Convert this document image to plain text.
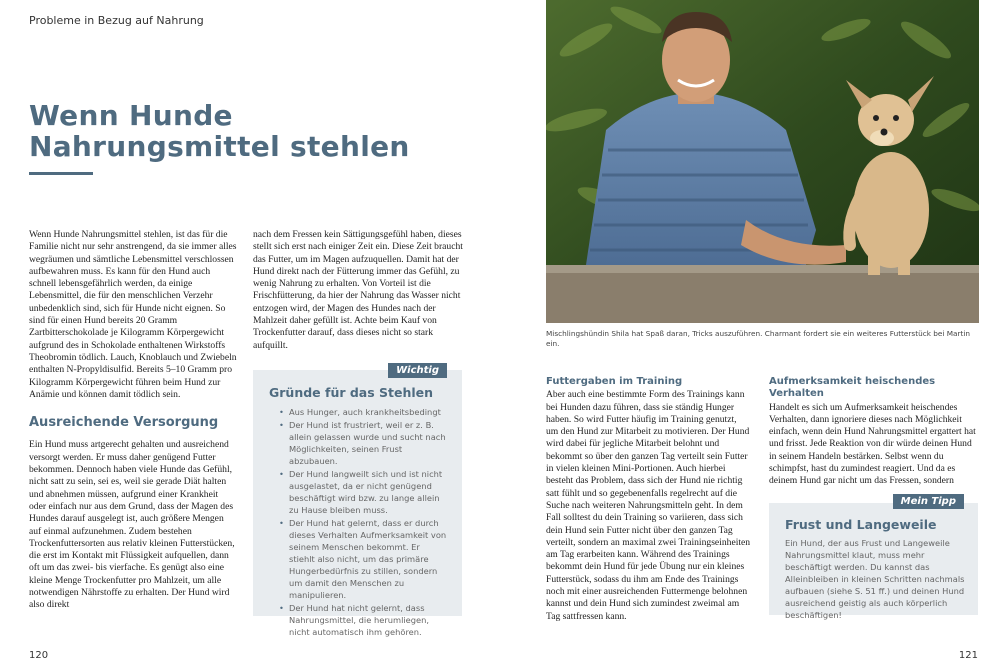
Probleme in Bezug auf Nahrung
Wenn Hunde
Nahrungsmittel stehlen

Wenn Hunde Nahrungsmittel stehlen, ist das für die Familie nicht nur sehr anstrengend, da sie immer alles wegräumen und sämtliche Lebensmittel verschlossen aufbewahren muss. Es kann für den Hund auch schnell lebensgefährlich werden, da einige Lebensmittel, die für den menschlichen Verzehr unbedenklich sind, sich für Hunde nicht eignen. So sind für einen Hund bereits 20 Gramm Zartbitterschokolade je Kilogramm Körpergewicht aufgrund des in Schokolade enthaltenen Wirkstoffs Theobromin tödlich. Lauch, Knoblauch und Zwiebeln enthalten N-Propyldisulfid. Bereits 5–10 Gramm pro Kilogramm Körpergewicht führen beim Hund zur Anämie und können damit tödlich sein.

Ausreichende Versorgung

Ein Hund muss artgerecht gehalten und ausreichend versorgt werden. Er muss daher genügend Futter bekommen. Dennoch haben viele Hunde das Gefühl, nicht satt zu sein, sei es, weil sie gerade Diät halten und abnehmen müssen, aufgrund einer Krankheit oder einfach nur aus dem Grund, dass der Magen des Hundes darauf ausgelegt ist, auch größere Mengen auf einmal aufzunehmen. Zudem bestehen Trockenfuttersorten aus relativ kleinen Futterstücken, die erst im Kontakt mit Flüssigkeit aufquellen, dann oft um das zwei- bis vierfache. Es genügt also eine kleine Menge Trockenfutter pro Mahlzeit, um alle notwendigen Nährstoffe zu erhalten. Der Hund wird also direkt

nach dem Fressen kein Sättigungsgefühl haben, dieses stellt sich erst nach einiger Zeit ein. Diese Zeit braucht das Futter, um im Magen aufzuquellen. Damit hat der Hund direkt nach der Fütterung immer das Gefühl, zu wenig Nahrung zu erhalten. Von Vorteil ist die Frischfütterung, da hier der Nahrung das Wasser nicht entzogen wird, der Magen des Hundes nach der Mahlzeit daher gefüllt ist. Achte beim Kauf von Trockenfutter darauf, dass dieses nicht so stark aufquillt.

Wichtig
Gründe für das Stehlen
• Aus Hunger, auch krankheitsbedingt
• Der Hund ist frustriert, weil er z. B. allein gelassen wurde und sucht nach Möglichkeiten, seinen Frust abzubauen.
• Der Hund langweilt sich und ist nicht ausgelastet, da er nicht genügend beschäftigt wird bzw. zu lange allein zu Hause bleiben muss.
• Der Hund hat gelernt, dass er durch dieses Verhalten Aufmerksamkeit von seinem Menschen bekommt. Er stiehlt also nicht, um das primäre Hungerbedürfnis zu stillen, sondern um damit den Menschen zu manipulieren.
• Der Hund hat nicht gelernt, dass Nahrungsmittel, die herumliegen, nicht automatisch ihm gehören.
120

Mischlingshündin Shila hat Spaß daran, Tricks auszuführen. Charmant fordert sie ein weiteres Futterstück bei Martin ein.

Futtergaben im Training

Aber auch eine bestimmte Form des Trainings kann bei Hunden dazu führen, dass sie ständig Hunger haben. So wird Futter häufig im Training genutzt, um den Hund zur Mitarbeit zu motivieren. Der Hund wird dabei für jegliche Mitarbeit belohnt und bekommt so über den ganzen Tag verteilt sein Futter in vielen kleinen Mini-Portionen. Auch hierbei besteht das Problem, dass sich der Hund nie richtig satt fühlt und so gegebenenfalls regelrecht auf die Suche nach weiteren Nahrungsmitteln geht. In dem Fall solltest du dein Training so variieren, dass sich dein Hund sein Futter nicht über den ganzen Tag verteilt, sondern an maximal zwei Trainingseinheiten am Tag erarbeiten kann. Während des Trainings bekommt dein Hund für jede Übung nur ein kleines Futterstück, sodass du ihm am Ende des Trainings noch mit einer ausreichenden Futtermenge belohnen kannst und dein Hund sich zumindest zweimal am Tag sattfressen kann.

Aufmerksamkeit heischendes Verhalten

Handelt es sich um Aufmerksamkeit heischendes Verhalten, dann ignoriere dieses nach Möglichkeit einfach, wenn dein Hund Nahrungsmittel ergattert hat und frisst. Jede Reaktion von dir würde deinen Hund in seinem Handeln bestärken. Selbst wenn du schimpfst, hast du zumindest reagiert. Und da es deinem Hund gar nicht um das Fressen, sondern

Mein Tipp
Frust und Langeweile

Ein Hund, der aus Frust und Langeweile Nahrungsmittel klaut, muss mehr beschäftigt werden. Du kannst das Alleinbleiben in kleinen Schritten nachmals aufbauen (siehe S. 51 ff.) und deinen Hund ausreichend geistig als auch körperlich beschäftigen!

121
